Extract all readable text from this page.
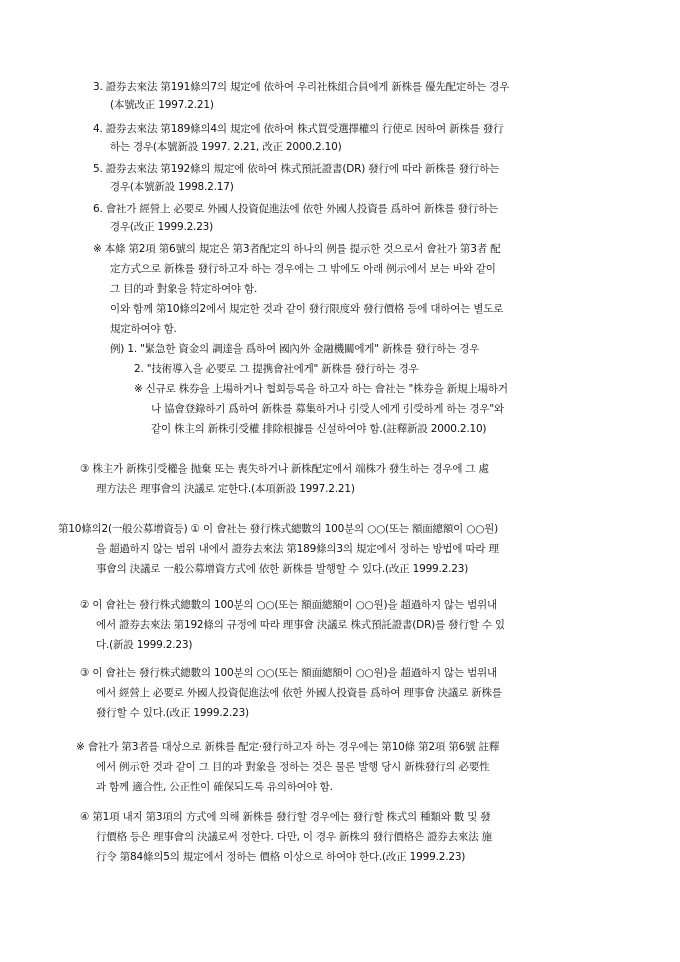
3. 證券去來法 第191條의7의 規定에 依하여 우리社株組合員에게 新株를 優先配定하는 경우
(本號改正 1997.2.21)
4. 證券去來法 第189條의4의 規定에 依하여 株式買受選擇權의 行使로 因하여 新株를 發行
하는 경우(本號新設 1997. 2.21, 改正 2000.2.10)
5. 證券去來法 第192條의 規定에 依하여 株式預託證書(DR) 發行에 따라 新株를 發行하는
경우(本號新設 1998.2.17)
6. 會社가 經營上 必要로 外國人投資促進法에 依한 外國人投資를 爲하여 新株를 發行하는
경우(改正 1999.2.23)
※ 本條 第2項 第6號의 規定은 第3者配定의 하나의 例를 提示한 것으로서 會社가 第3者 配
定方式으로 新株를 發行하고자 하는 경우에는 그 밖에도 아래 例示에서 보는 바와 같이
그 目的과 對象을 特定하여야 함.
이와 함께 第10條의2에서 規定한 것과 같이 發行限度와 發行價格 등에 대하여는 별도로
規定하여야 함.
例) 1. "緊急한 資金의 調達을 爲하여 國內外 金融機關에게" 新株를 發行하는 경우
2. "技術導入을 必要로 그 提携會社에게" 新株를 發行하는 경우
※ 신규로 株券을 上場하거나 협회등록을 하고자 하는 會社는 "株券을 新規上場하거
나 協會登錄하기 爲하여 新株를 募集하거나 引受人에게 引受하게 하는 경우"와
같이 株主의 新株引受權 排除根據를 신설하여야 함.(註釋新設 2000.2.10)
③ 株主가 新株引受權을 抛棄 또는 喪失하거나 新株配定에서 端株가 發生하는 경우에 그 處
理方法은 理事會의 決議로 定한다.(本項新設 1997.2.21)
第10條의2(一般公募增資등) ① 이 會社는 發行株式總數의 100분의 ○○(또는 額面總額이 ○○원)
을 超過하지 않는 범위 내에서 證券去來法 第189條의3의 規定에서 정하는 방법에 따라 理
事會의 決議로 一般公募增資方式에 依한 新株를 발행할 수 있다.(改正 1999.2.23)
② 이 會社는 發行株式總數의 100분의 ○○(또는 額面總額이 ○○원)을 超過하지 않는 범위내
에서 證券去來法 第192條의 규정에 따라 理事會 決議로 株式預託證書(DR)를 發行할 수 있
다.(新設 1999.2.23)
③ 이 會社는 發行株式總數의 100분의 ○○(또는 額面總額이 ○○원)을 超過하지 않는 범위내
에서 經營上 必要로 外國人投資促進法에 依한 外國人投資를 爲하여 理事會 決議로 新株를
發行할 수 있다.(改正 1999.2.23)
※ 會社가 第3者를 대상으로 新株를 配定·發行하고자 하는 경우에는 第10條 第2項 第6號 註釋
에서 例示한 것과 같이 그 目的과 對象을 정하는 것은 물론 발행 당시 新株發行의 必要性
과 함께 適合性, 公正性이 確保되도록 유의하여야 함.
④ 第1項 내지 第3項의 方式에 의해 新株를 發行할 경우에는 發行할 株式의 種類와 數 및 發
行價格 등은 理事會의 決議로써 정한다. 다만, 이 경우 新株의 發行價格은 證券去來法 施
行令 第84條의5의 規定에서 정하는 價格 이상으로 하여야 한다.(改正 1999.2.23)
